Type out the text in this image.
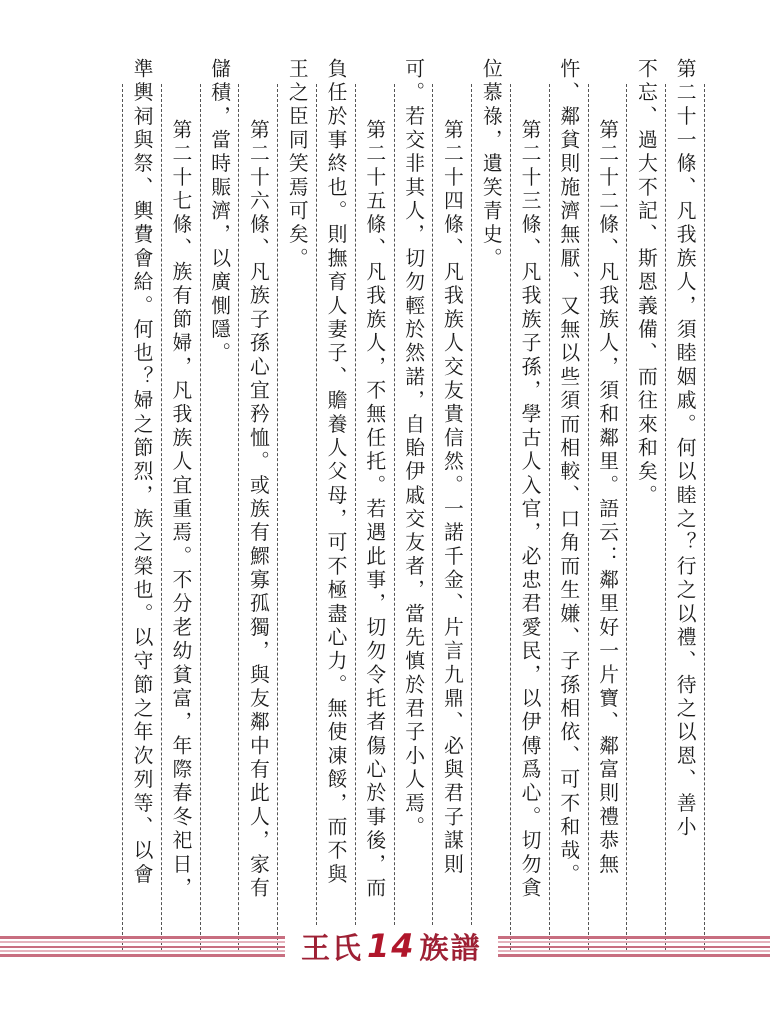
第二十一條、凡我族人，須睦姻戚。何以睦之？行之以禮、待之以恩、善小
不忘、過大不記、斯恩義備、而往來和矣。
第二十二條、凡我族人，須和鄰里。語云：鄰里好一片寶、鄰富則禮恭無
忤、鄰貧則施濟無厭、又無以些須而相較、口角而生嫌、子孫相依、可不和哉。
第二十三條、凡我族子孫，學古人入官，必忠君愛民，以伊傅爲心。切勿貪
位慕祿，遺笑青史。
第二十四條、凡我族人交友貴信然。一諾千金、片言九鼎、必與君子謀則
可。若交非其人，切勿輕於然諾，自貽伊戚交友者，當先慎於君子小人焉。
第二十五條、凡我族人，不無任托。若遇此事，切勿令托者傷心於事後，而
負任於事終也。則撫育人妻子、贍養人父母，可不極盡心力。無使凍餒，而不與
王之臣同笑焉可矣。
第二十六條、凡族子孫心宜矜恤。或族有鰥寡孤獨，與友鄰中有此人，家有
儲積，當時賑濟，以廣惻隱。
第二十七條、族有節婦，凡我族人宜重焉。不分老幼貧富，年際春冬祀日，
準輿祠與祭、輿費會給。何也？婦之節烈，族之榮也。以守節之年次列等、以會
王氏 14 族譜
